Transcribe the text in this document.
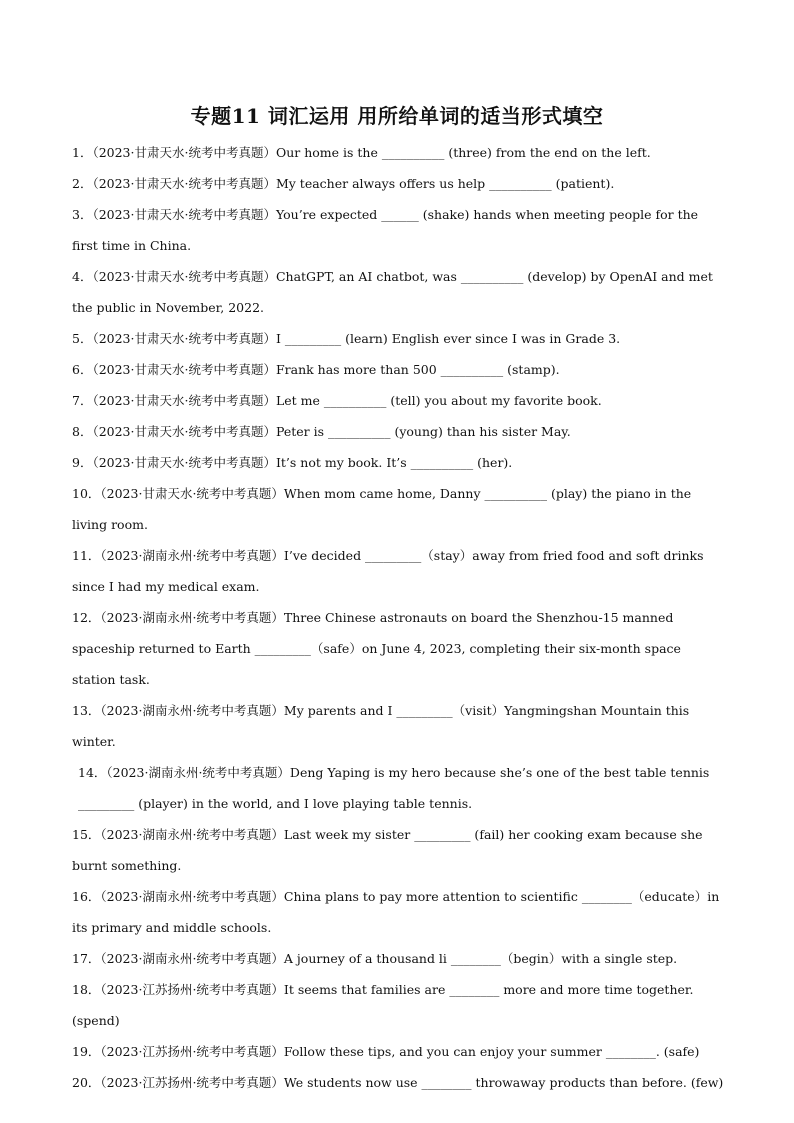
专题11 词汇运用 用所给单词的适当形式填空

1．（2023·甘肃天水·统考中考真题）Our home is the __________ (three) from the end on the left.

2．（2023·甘肃天水·统考中考真题）My teacher always offers us help __________ (patient).

3．（2023·甘肃天水·统考中考真题）You’re expected ______ (shake) hands when meeting people for the first time in China.

4．（2023·甘肃天水·统考中考真题）ChatGPT, an AI chatbot, was __________ (develop) by OpenAI and met the public in November, 2022.

5．（2023·甘肃天水·统考中考真题）I _________ (learn) English ever since I was in Grade 3.

6．（2023·甘肃天水·统考中考真题）Frank has more than 500 __________ (stamp).

7．（2023·甘肃天水·统考中考真题）Let me __________ (tell) you about my favorite book.

8．（2023·甘肃天水·统考中考真题）Peter is __________ (young) than his sister May.

9．（2023·甘肃天水·统考中考真题）It’s not my book. It’s __________ (her).

10．（2023·甘肃天水·统考中考真题）When mom came home, Danny __________ (play) the piano in the living room.

11．（2023·湖南永州·统考中考真题）I’ve decided _________（stay）away from fried food and soft drinks since I had my medical exam.

12．（2023·湖南永州·统考中考真题）Three Chinese astronauts on board the Shenzhou-15 manned spaceship returned to Earth _________（safe）on June 4, 2023, completing their six-month space station task.

13．（2023·湖南永州·统考中考真题）My parents and I _________（visit）Yangmingshan Mountain this winter.

14．（2023·湖南永州·统考中考真题）Deng Yaping is my hero because she’s one of the best table tennis _________ (player) in the world, and I love playing table tennis.

15．（2023·湖南永州·统考中考真题）Last week my sister _________ (fail) her cooking exam because she burnt something.

16．（2023·湖南永州·统考中考真题）China plans to pay more attention to scientific ________（educate）in its primary and middle schools.

17．（2023·湖南永州·统考中考真题）A journey of a thousand li ________（begin）with a single step.

18．（2023·江苏扬州·统考中考真题）It seems that families are ________ more and more time together. (spend)

19．（2023·江苏扬州·统考中考真题）Follow these tips, and you can enjoy your summer ________. (safe)

20．（2023·江苏扬州·统考中考真题）We students now use ________ throwaway products than before. (few)
